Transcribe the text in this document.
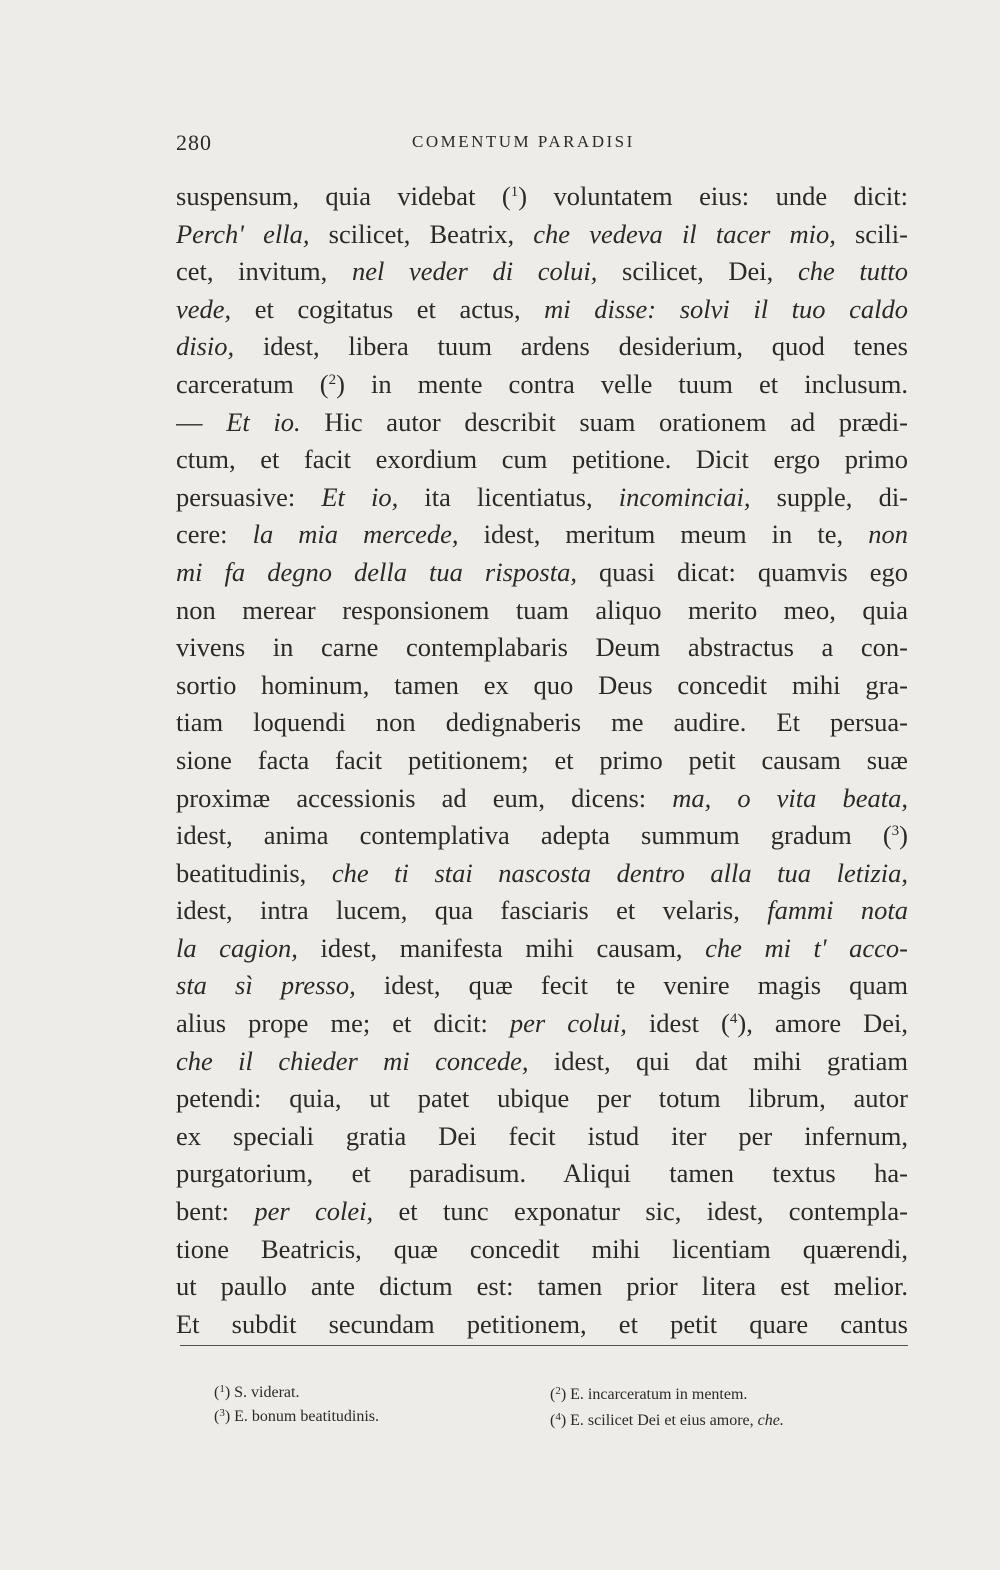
280	COMENTUM PARADISI
suspensum, quia videbat ($^1$) voluntatem eius: unde dicit:
Perch' ella, scilicet, Beatrix, che vedeva il tacer mio, scili-
cet, invitum, nel veder di colui, scilicet, Dei, che tutto
vede, et cogitatus et actus, mi disse: solvi il tuo caldo
disio, idest, libera tuum ardens desiderium, quod tenes
carceratum ($^2$) in mente contra velle tuum et inclusum.
— Et io. Hic autor describit suam orationem ad prædi-
ctum, et facit exordium cum petitione. Dicit ergo primo
persuasive: Et io, ita licentiatus, incominciai, supple, di-
cere: la mia mercede, idest, meritum meum in te, non
mi fa degno della tua risposta, quasi dicat: quamvis ego
non merear responsionem tuam aliquo merito meo, quia
vivens in carne contemplabaris Deum abstractus a con-
sortio hominum, tamen ex quo Deus concedit mihi gra-
tiam loquendi non dedignaberis me audire. Et persua-
sione facta facit petitionem; et primo petit causam suæ
proximæ accessionis ad eum, dicens: ma, o vita beata,
idest, anima contemplativa adepta summum gradum ($^3$)
beatitudinis, che ti stai nascosta dentro alla tua letizia,
idest, intra lucem, qua fasciaris et velaris, fammi nota
la cagion, idest, manifesta mihi causam, che mi t' acco-
sta sì presso, idest, quæ fecit te venire magis quam
alius prope me; et dicit: per colui, idest ($^4$), amore Dei,
che il chieder mi concede, idest, qui dat mihi gratiam
petendi: quia, ut patet ubique per totum librum, autor
ex speciali gratia Dei fecit istud iter per infernum,
purgatorium, et paradisum. Aliqui tamen textus ha-
bent: per colei, et tunc exponatur sic, idest, contempla-
tione Beatricis, quæ concedit mihi licentiam quærendi,
ut paullo ante dictum est: tamen prior litera est melior.
Et subdit secundam petitionem, et petit quare cantus
($^1$) S. viderat.	($^2$) E. incarceratum in mentem.
($^3$) E. bonum beatitudinis.	($^4$) E. scilicet Dei et eius amore, che.
